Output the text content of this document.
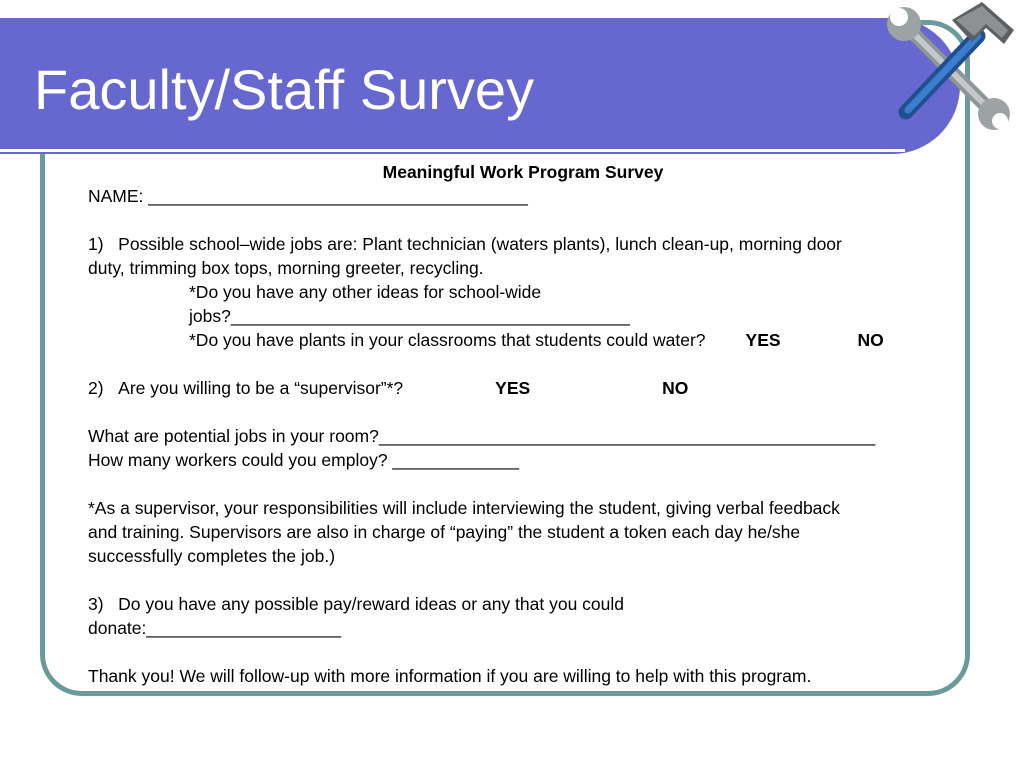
Faculty/Staff Survey
Meaningful Work Program Survey
NAME: _______________________________________
1)   Possible school–wide jobs are: Plant technician (waters plants), lunch clean-up, morning door
duty, trimming box tops, morning greeter, recycling.
*Do you have any other ideas for school-wide
jobs?_________________________________________
*Do you have plants in your classrooms that students could water? YES	NO
2)   Are you willing to be a “supervisor”*?	YES	NO
What are potential jobs in your room?___________________________________________________
How many workers could you employ? _____________
*As a supervisor, your responsibilities will include interviewing the student, giving verbal feedback
and training. Supervisors are also in charge of “paying” the student a token each day he/she
successfully completes the job.)
3)   Do you have any possible pay/reward ideas or any that you could
donate:____________________
Thank you! We will follow-up with more information if you are willing to help with this program.
